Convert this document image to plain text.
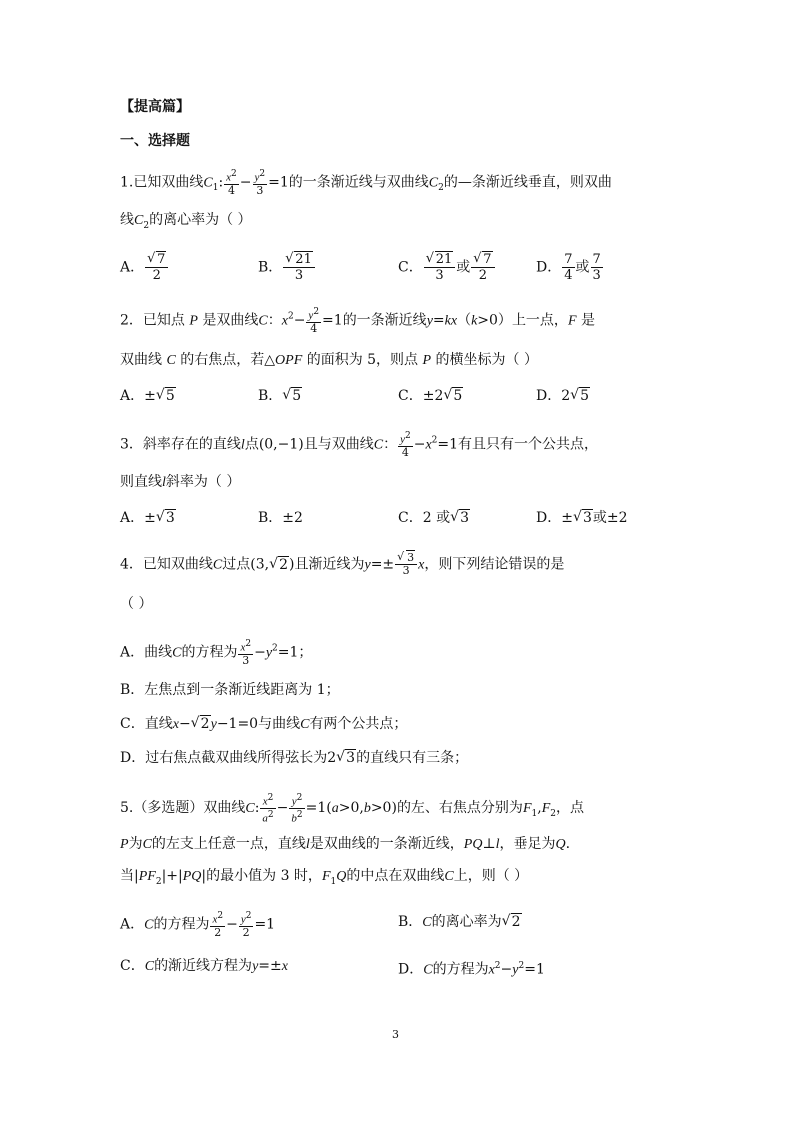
【提高篇】
一、选择题
1.已知双曲线$C_1$: $\frac{x^2}{4} - \frac{y^2}{3} =1$的一条渐近线与双曲线$C_2$的—条渐近线垂直，则双曲
线$C_2$的离心率为（ ）
A． √ $\frac{7}{2}$	B． √ $\frac{21}{3}$	C． √ $\frac{21}{3}$ 或 √ $\frac{7}{2}$	D． $\frac{7}{4}$ 或 $\frac{7}{3}$
2．已知点 P 是双曲线C：$x^2- \frac{y^2}{4} =1$的一条渐近线y=kx（k>0）上一点，F 是
双曲线 C 的右焦点，若△OPF 的面积为 5，则点 P 的横坐标为（ ）
A．± √ 5	B． √ 5	C．±2 √ 5	D．2 √ 5
3．斜率存在的直线l点(0,−1)且与双曲线C： $\frac{y^2}{4} -x^2=1$有且只有一个公共点，
则直线l斜率为（ ）
A．± √ 3	B．±2	C．2 或 √ 3	D．± √ 3或±2
4．已知双曲线C过点(3, √ 2)且渐近线为y=± √ $\frac{3}{3}$ x，则下列结论错误的是
（ ）
A．曲线C的方程为 $\frac{x^2}{3} -y^2=1$；
B．左焦点到一条渐近线距离为 1；
C．直线x− √ 2y−1=0与曲线C有两个公共点；
D．过右焦点截双曲线所得弦长为2 √ 3的直线只有三条；
5.（多选题）双曲线C: $\frac{x^2}{a^2} - \frac{y^2}{b^2} =1(a>0,b>0)$的左、右焦点分别为$F_1,F_2$，点
P为C的左支上任意一点，直线l是双曲线的一条渐近线，PQ⊥l，垂足为Q.
当$|PF_2|+|PQ|$的最小值为 3 时，$F_1Q$的中点在双曲线C上，则（ ）
A．C的方程为 $\frac{x^2}{2} - \frac{y^2}{2} =1$	B．C的离心率为 √ 2
C．C的渐近线方程为y=±x	D．C的方程为$x^2-y^2=1$
3
